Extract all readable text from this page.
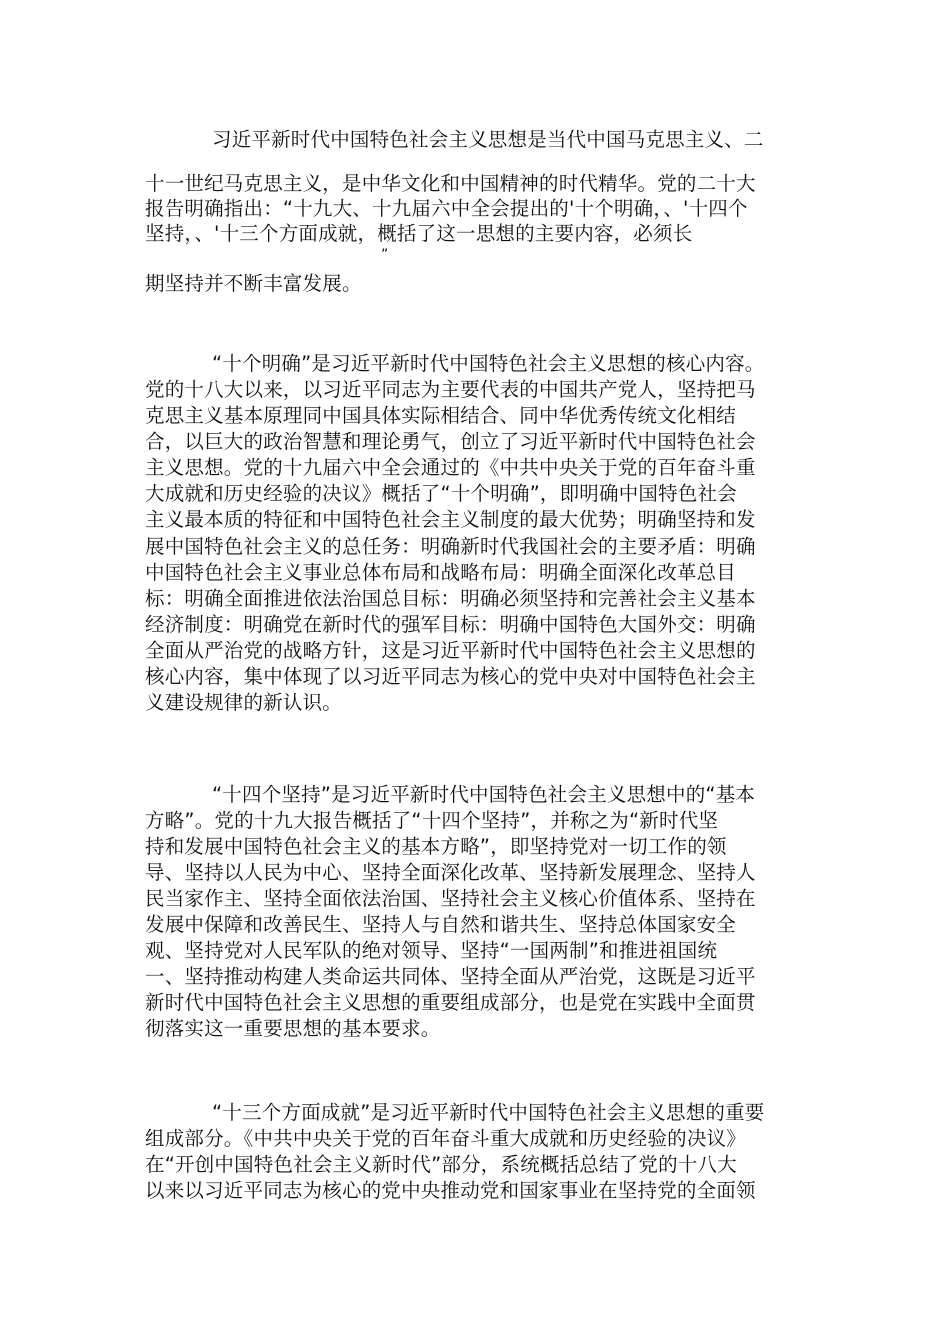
习近平新时代中国特色社会主义思想是当代中国马克思主义、二
十一世纪马克思主义，是中华文化和中国精神的时代精华。党的二十大
报告明确指出：“十九大、十九届六中全会提出的'十个明确，、'十四个
坚持，、'十三个方面成就，概括了这一思想的主要内容，必须长
”
期坚持并不断丰富发展。
“十个明确”是习近平新时代中国特色社会主义思想的核心内容。
党的十八大以来，以习近平同志为主要代表的中国共产党人，坚持把马
克思主义基本原理同中国具体实际相结合、同中华优秀传统文化相结
合，以巨大的政治智慧和理论勇气，创立了习近平新时代中国特色社会
主义思想。党的十九届六中全会通过的《中共中央关于党的百年奋斗重
大成就和历史经验的决议》概括了“十个明确”，即明确中国特色社会
主义最本质的特征和中国特色社会主义制度的最大优势；明确坚持和发
展中国特色社会主义的总任务：明确新时代我国社会的主要矛盾：明确
中国特色社会主义事业总体布局和战略布局：明确全面深化改革总目
标：明确全面推进依法治国总目标：明确必须坚持和完善社会主义基本
经济制度：明确党在新时代的强军目标：明确中国特色大国外交：明确
全面从严治党的战略方针，这是习近平新时代中国特色社会主义思想的
核心内容，集中体现了以习近平同志为核心的党中央对中国特色社会主
义建设规律的新认识。
“十四个坚持”是习近平新时代中国特色社会主义思想中的“基本
方略”。党的十九大报告概括了“十四个坚持”，并称之为“新时代坚
持和发展中国特色社会主义的基本方略”，即坚持党对一切工作的领
导、坚持以人民为中心、坚持全面深化改革、坚持新发展理念、坚持人
民当家作主、坚持全面依法治国、坚持社会主义核心价值体系、坚持在
发展中保障和改善民生、坚持人与自然和谐共生、坚持总体国家安全
观、坚持党对人民军队的绝对领导、坚持“一国两制”和推进祖国统
一、坚持推动构建人类命运共同体、坚持全面从严治党，这既是习近平
新时代中国特色社会主义思想的重要组成部分，也是党在实践中全面贯
彻落实这一重要思想的基本要求。
“十三个方面成就”是习近平新时代中国特色社会主义思想的重要
组成部分。《中共中央关于党的百年奋斗重大成就和历史经验的决议》
在“开创中国特色社会主义新时代”部分，系统概括总结了党的十八大
以来以习近平同志为核心的党中央推动党和国家事业在坚持党的全面领
